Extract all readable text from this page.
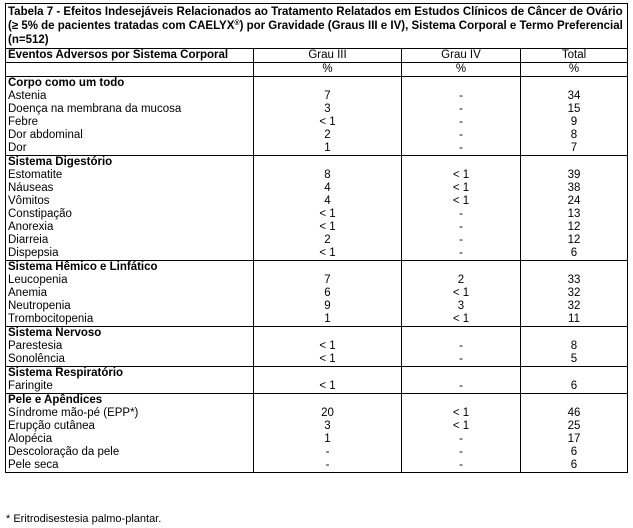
Tabela 7 - Efeitos Indesejáveis Relacionados ao Tratamento Relatados em Estudos Clínicos de Câncer de Ovário (≥ 5% de pacientes tratadas com CAELYX®) por Gravidade (Graus III e IV), Sistema Corporal e Termo Preferencial (n=512)			
Eventos Adversos por Sistema Corporal	Grau III	Grau IV	Total
	%	%	%
Corpo como um todo			
Astenia	7	-	34
Doença na membrana da mucosa	3	-	15
Febre	< 1	-	9
Dor abdominal	2	-	8
Dor	1	-	7
Sistema Digestório			
Estomatite	8	< 1	39
Náuseas	4	< 1	38
Vômitos	4	< 1	24
Constipação	< 1	-	13
Anorexia	< 1	-	12
Diarreia	2	-	12
Dispepsia	< 1	-	6
Sistema Hêmico e Linfático			
Leucopenia	7	2	33
Anemia	6	< 1	32
Neutropenia	9	3	32
Trombocitopenia	1	< 1	11
Sistema Nervoso			
Parestesia	< 1	-	8
Sonolência	< 1	-	5
Sistema Respiratório			
Faringite	< 1	-	6
Pele e Apêndices			
Síndrome mão-pé (EPP*)	20	< 1	46
Erupção cutânea	3	< 1	25
Alopécia	1	-	17
Descoloração da pele	-	-	6
Pele seca	-	-	6
* Eritrodisestesia palmo-plantar.
